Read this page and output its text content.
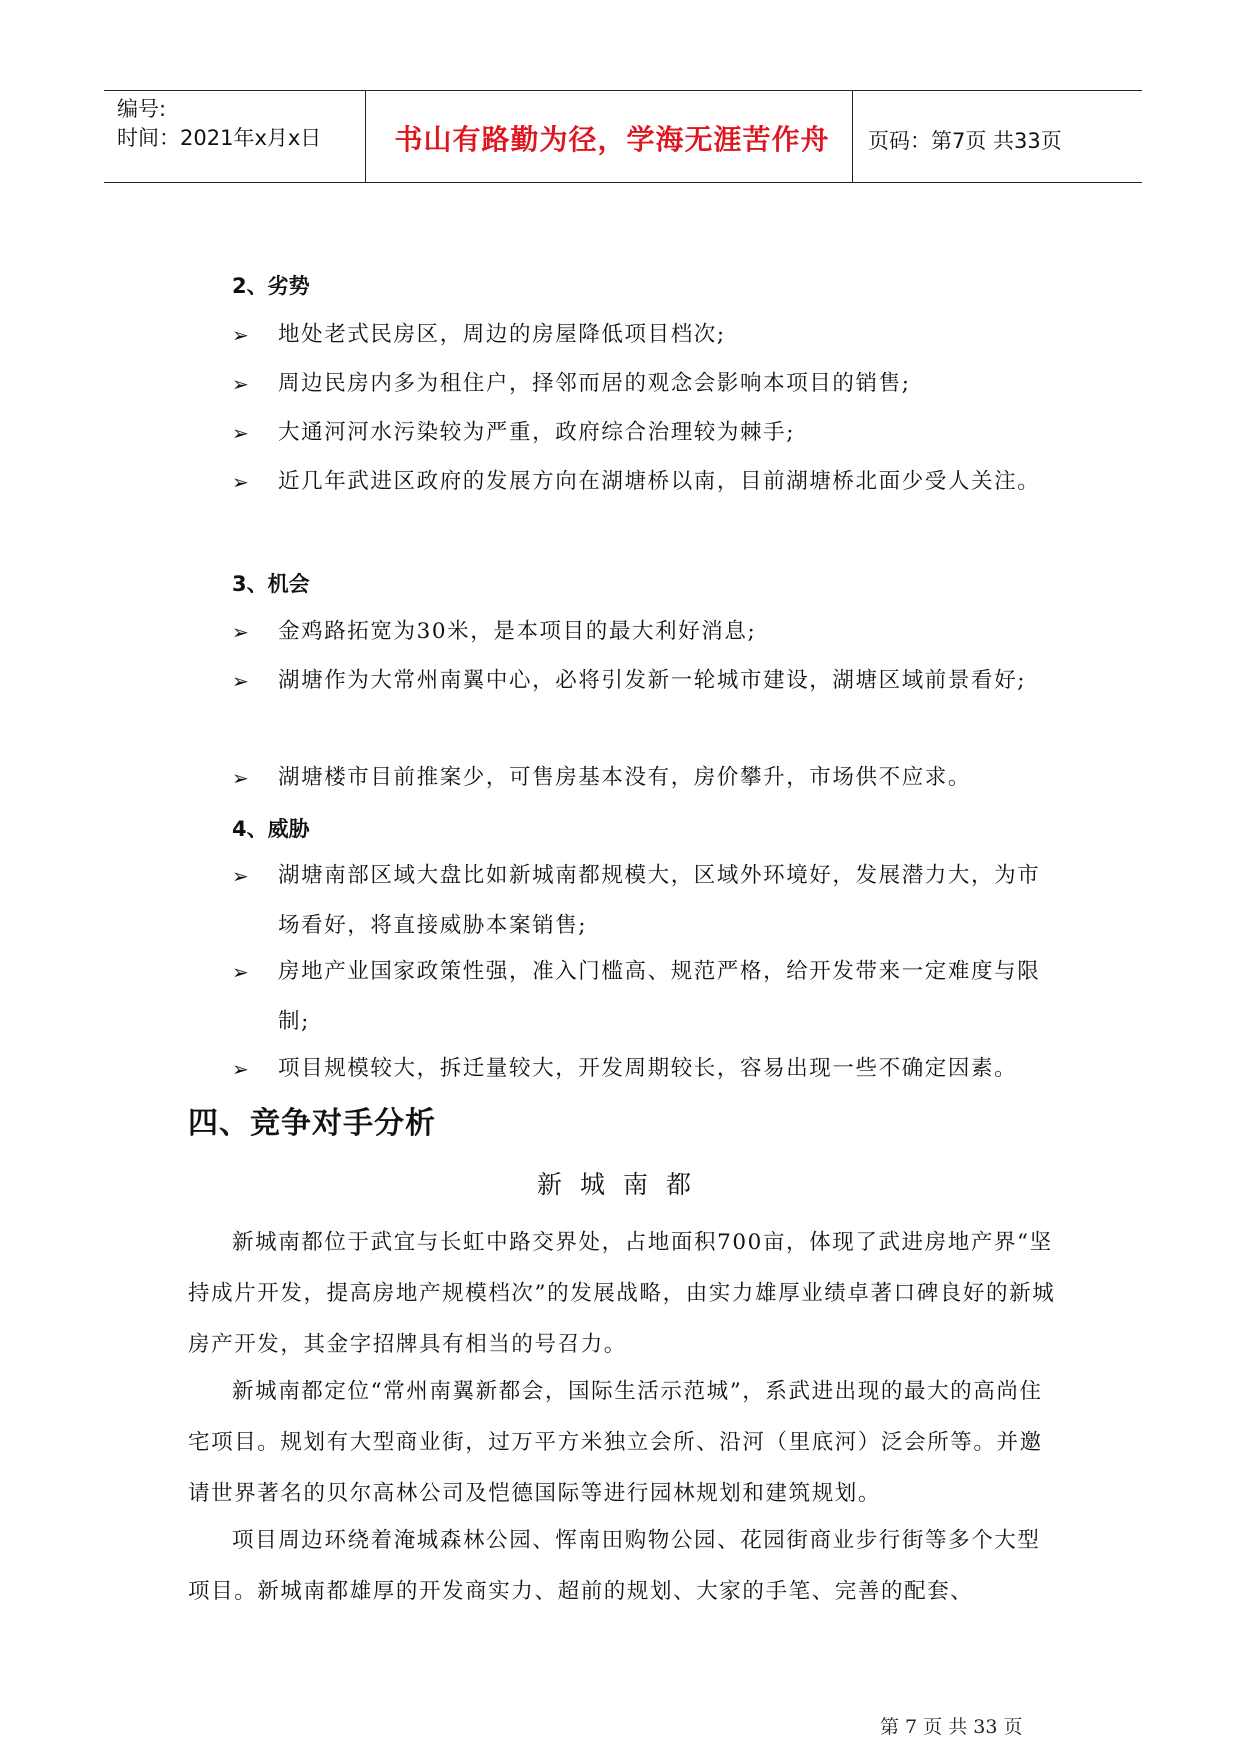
编号:
时间：2021年x月x日	书山有路勤为径，学海无涯苦作舟	页码：第7页 共33页
2、劣势
➢ 地处老式民房区，周边的房屋降低项目档次;
➢ 周边民房内多为租住户，择邻而居的观念会影响本项目的销售;
➢ 大通河河水污染较为严重，政府综合治理较为棘手;
➢ 近几年武进区政府的发展方向在湖塘桥以南，目前湖塘桥北面少受人关注。
3、机会
➢ 金鸡路拓宽为30米，是本项目的最大利好消息;
➢ 湖塘作为大常州南翼中心，必将引发新一轮城市建设，湖塘区域前景看好;
➢ 湖塘楼市目前推案少，可售房基本没有，房价攀升，市场供不应求。
4、威胁
➢ 湖塘南部区域大盘比如新城南都规模大，区域外环境好，发展潜力大，为市场看好，将直接威胁本案销售;
➢ 房地产业国家政策性强，准入门槛高、规范严格，给开发带来一定难度与限制;
➢ 项目规模较大，拆迁量较大，开发周期较长，容易出现一些不确定因素。
四、竞争对手分析
新城南都
新城南都位于武宜与长虹中路交界处，占地面积700亩，体现了武进房地产界“坚持成片开发，提高房地产规模档次”的发展战略，由实力雄厚业绩卓著口碑良好的新城房产开发，其金字招牌具有相当的号召力。
新城南都定位“常州南翼新都会，国际生活示范城”，系武进出现的最大的高尚住宅项目。规划有大型商业街，过万平方米独立会所、沿河（里底河）泛会所等。并邀请世界著名的贝尔高林公司及恺德国际等进行园林规划和建筑规划。
项目周边环绕着淹城森林公园、恽南田购物公园、花园街商业步行街等多个大型项目。新城南都雄厚的开发商实力、超前的规划、大家的手笔、完善的配套、
第 7 页 共 33 页
